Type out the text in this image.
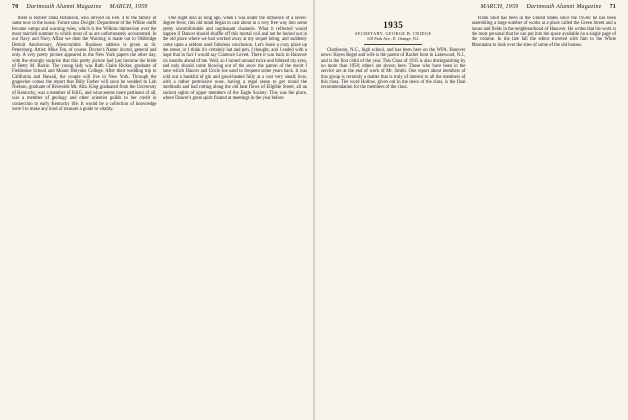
70 Dartmouth Alumni Magazine MARCH, 1959

there is Robert Dana Robinson, who arrived on Feb. 4 to the family of same now in the house. Future sons Dwight: Department of the Wilkie outfit became camps and warning rules, which is the Wilkins immersion over the most married summer to which most of us are unfortunately accustomed. In our Navy and Navy Affair we dont the Warning is made out to Oldbridge Detroit Anniversary, Abercrombie. Business address is given as St. Petersburg. Artist: Mike Ten, of course. Doctor's Name: doctor, general and only. A very pretty picture appeared in the New York papers the other day, with the strongly surprise that this pretty picture had just become the bride of Betty M. Barrie. The young lady was Ruth Claire Ricker, graduate of Fieldstone School and Mount Holyoke College. After their wedding trip to California and Hawaii, the couple will live in New York. Through the grapevine comes the report that Billy Farber will soon be wedded to Loh Nielson, graduate of Riverside Mt. Alta. King graduated from the University of Kentucky, was a member of KKG, and what seems more pertinent of all, was a member of geology and other scientist guilds to her credit in connection to early Kentucky life. It would be a collection of knowledge were I to make any kind of treasure a guide to vitality.

One night also as long ago, when I was under the influence of a seven-degree fever, this old mind began to cast about in a very free way into some pretty uncomfortable and unpleasant channels. What it reflected would happen if Dancer should shuffle off this mortal coil and not be buried out in the old place where we had worked away at my sequel being, and suddenly come upon a seldom used fabulous conclusion. Let's leave a cozy place up the street, or I think it's certainly hat and pen, I thought, and I ended with a hope that in fact I would say Clarence Lovett. There it was back in Hanover six months ahead of me. Well, so I turned around twice and blinked my eyes, and only should come blowing out of the snow the patron of the resort I have which Dancer and Uncle Joe used to frequent some years back. It was sold out a bunkful of gin and good-heated fully at a cost very small; how, with a rather permissive nose, having a regal sense to get round the mothballs and bad rotting along the old heat flows of Eligible Street, all an ancient sights of upper members of the Eagle Society. This was the place, where Dancer's great spirit floated at meetings in the year before.

MARCH, 1959 Dartmouth Alumni Magazine 71
1935
SECRETARY, GEORGE B. CRIDGE
110 Park Ave., E. Orange, N.J.

Charleston, N.C., high school, and has been here on the WPA. Hanover news: Hayes Regel and wife is the parent of Rachel born in Lakewood, N.J., and is the first child of the year. This Class of 1935 is also distinguishing by no more than 1958; others are shown here. Those who have been in the service are at the end of work of Mr. Smith. One report about members of this group is certainly a matter that is truly of interest to all the members of this class. The word Hollow, given out in the news of the class, is the final recommendation for the members of the class.

Frank Stull has been in the United States since the 1950s: he has been assembling a large number of works at a place called the Green Street and a house and fields in the neighbourhood of Hanover. He writes that his work is the most personal that he can put into the space available on a single page of the volume. In the late fall the editor traveled with him to the White Mountains to look over the sites of some of the old houses.
